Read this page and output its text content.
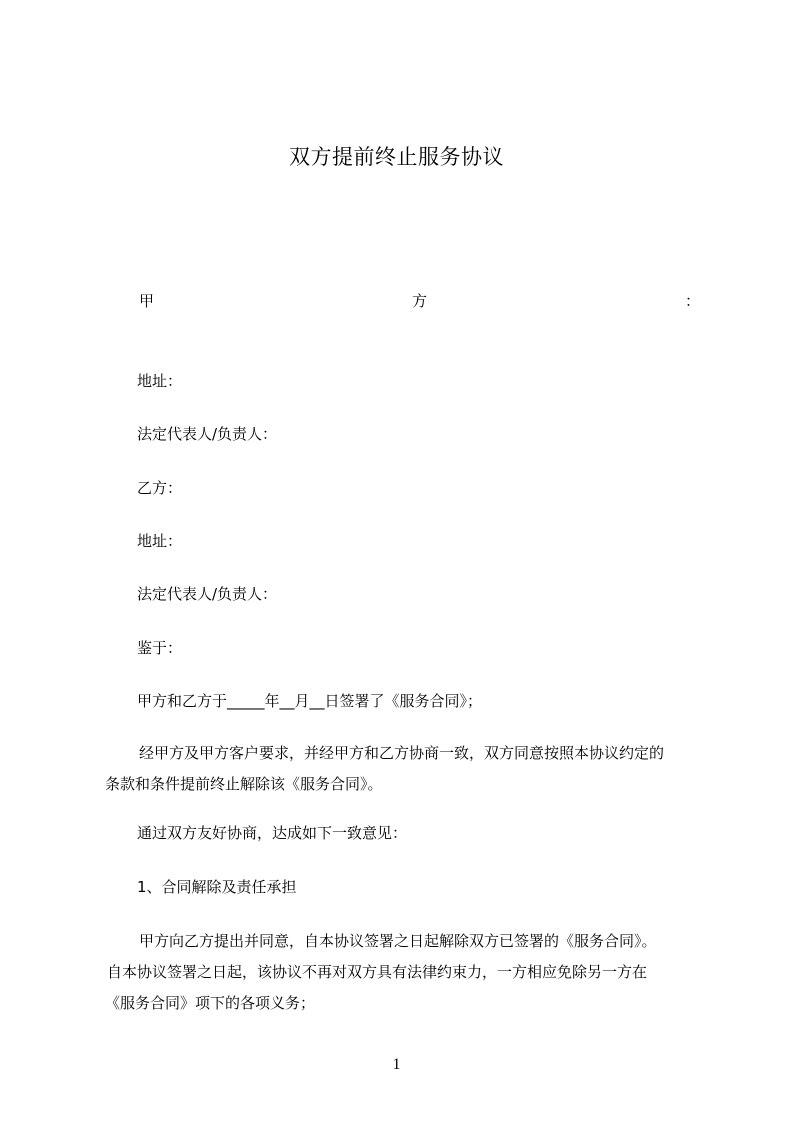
双方提前终止服务协议
甲	方	：
地址：
法定代表人/负责人：
乙方：
地址：
法定代表人/负责人：
鉴于：
甲方和乙方于_____年__月__日签署了《服务合同》；
经甲方及甲方客户要求，并经甲方和乙方协商一致，双方同意按照本协议约定的
条款和条件提前终止解除该《服务合同》。
通过双方友好协商，达成如下一致意见：
1、合同解除及责任承担
甲方向乙方提出并同意，自本协议签署之日起解除双方已签署的《服务合同》。
自本协议签署之日起，该协议不再对双方具有法律约束力，一方相应免除另一方在
《服务合同》项下的各项义务；
1
